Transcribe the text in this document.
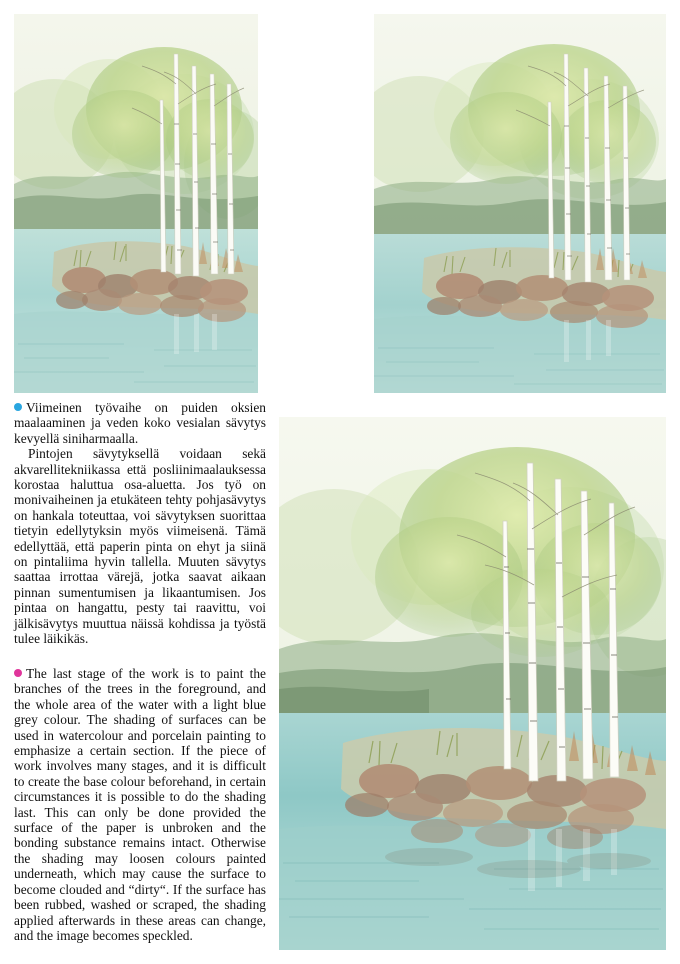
Viimeinen työvaihe on puiden oksien maalaaminen ja veden koko vesialan sävytys kevyellä siniharmaalla.

Pintojen sävytyksellä voidaan sekä akvarellitekniikassa että posliinimaalauksessa korostaa haluttua osa-aluetta. Jos työ on monivaiheinen ja etukäteen tehty pohjasävytys on hankala toteuttaa, voi sävytyksen suorittaa tietyin edellytyksin myös viimeisenä. Tämä edellyttää, että paperin pinta on ehyt ja siinä on pintaliima hyvin tallella. Muuten sävytys saattaa irrottaa värejä, jotka saavat aikaan pinnan sumentumisen ja likaantumisen. Jos pintaa on hangattu, pesty tai raavittu, voi jälkisävytys muuttua näissä kohdissa ja työstä tulee läikikäs.

The last stage of the work is to paint the branches of the trees in the foreground, and the whole area of the water with a light blue grey colour. The shading of surfaces can be used in watercolour and porcelain painting to emphasize a certain section. If the piece of work involves many stages, and it is difficult to create the base colour beforehand, in certain circumstances it is possible to do the shading last. This can only be done provided the surface of the paper is unbroken and the bonding substance remains intact. Otherwise the shading may loosen colours painted underneath, which may cause the surface to become clouded and “dirty“. If the surface has been rubbed, washed or scraped, the shading applied afterwards in these areas can change, and the image becomes speckled.
